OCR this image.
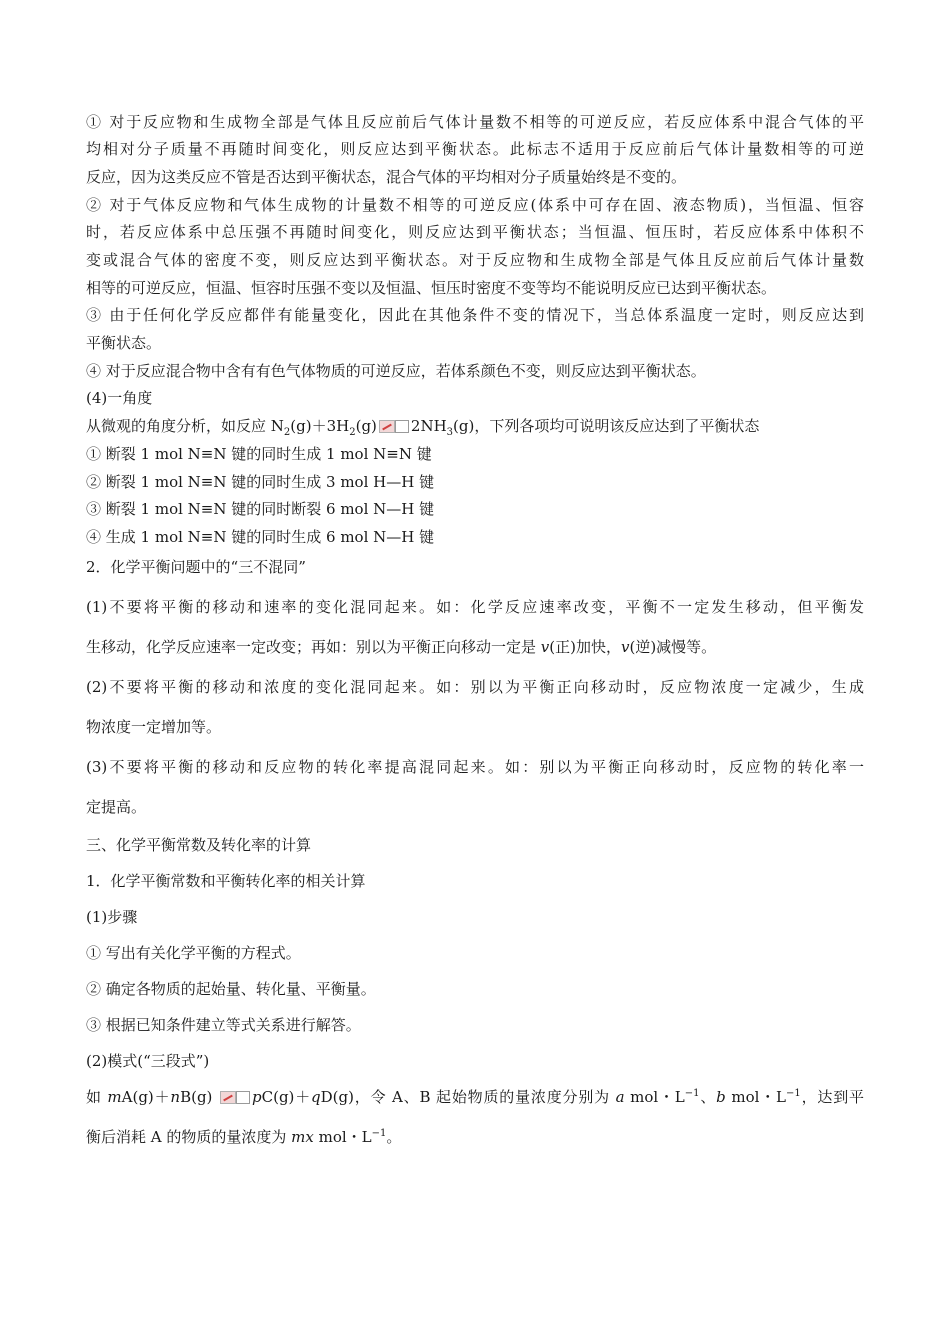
① 对于反应物和生成物全部是气体且反应前后气体计量数不相等的可逆反应，若反应体系中混合气体的平
均相对分子质量不再随时间变化，则反应达到平衡状态。此标志不适用于反应前后气体计量数相等的可逆
反应，因为这类反应不管是否达到平衡状态，混合气体的平均相对分子质量始终是不变的。
② 对于气体反应物和气体生成物的计量数不相等的可逆反应(体系中可存在固、液态物质)，当恒温、恒容
时，若反应体系中总压强不再随时间变化，则反应达到平衡状态；当恒温、恒压时，若反应体系中体积不
变或混合气体的密度不变，则反应达到平衡状态。对于反应物和生成物全部是气体且反应前后气体计量数
相等的可逆反应，恒温、恒容时压强不变以及恒温、恒压时密度不变等均不能说明反应已达到平衡状态。
③ 由于任何化学反应都伴有能量变化，因此在其他条件不变的情况下，当总体系温度一定时，则反应达到
平衡状态。
④ 对于反应混合物中含有有色气体物质的可逆反应，若体系颜色不变，则反应达到平衡状态。
(4)一角度
从微观的角度分析，如反应 $N_2(g)+3H_2(g)$ $2NH_3(g)$，下列各项均可说明该反应达到了平衡状态
① 断裂 1 mol N≡N 键的同时生成 1 mol N≡N 键
② 断裂 1 mol N≡N 键的同时生成 3 mol H—H 键
③ 断裂 1 mol N≡N 键的同时断裂 6 mol N—H 键
④ 生成 1 mol N≡N 键的同时生成 6 mol N—H 键
2．化学平衡问题中的“三不混同”
(1)不要将平衡的移动和速率的变化混同起来。如：化学反应速率改变，平衡不一定发生移动，但平衡发
生移动，化学反应速率一定改变；再如：别以为平衡正向移动一定是 v(正)加快，v(逆)减慢等。
(2)不要将平衡的移动和浓度的变化混同起来。如：别以为平衡正向移动时，反应物浓度一定减少，生成
物浓度一定增加等。
(3)不要将平衡的移动和反应物的转化率提高混同起来。如：别以为平衡正向移动时，反应物的转化率一
定提高。
三、化学平衡常数及转化率的计算
1．化学平衡常数和平衡转化率的相关计算
(1)步骤
① 写出有关化学平衡的方程式。
② 确定各物质的起始量、转化量、平衡量。
③ 根据已知条件建立等式关系进行解答。
(2)模式(“三段式”)
如 mA(g)＋nB(g)
pC(g)＋qD(g)，令 A、B 起始物质的量浓度分别为 a mol・$L^{-1}$、b mol・$L^{-1}$，达到平
衡后消耗 A 的物质的量浓度为 mx mol・$L^{-1}$。
